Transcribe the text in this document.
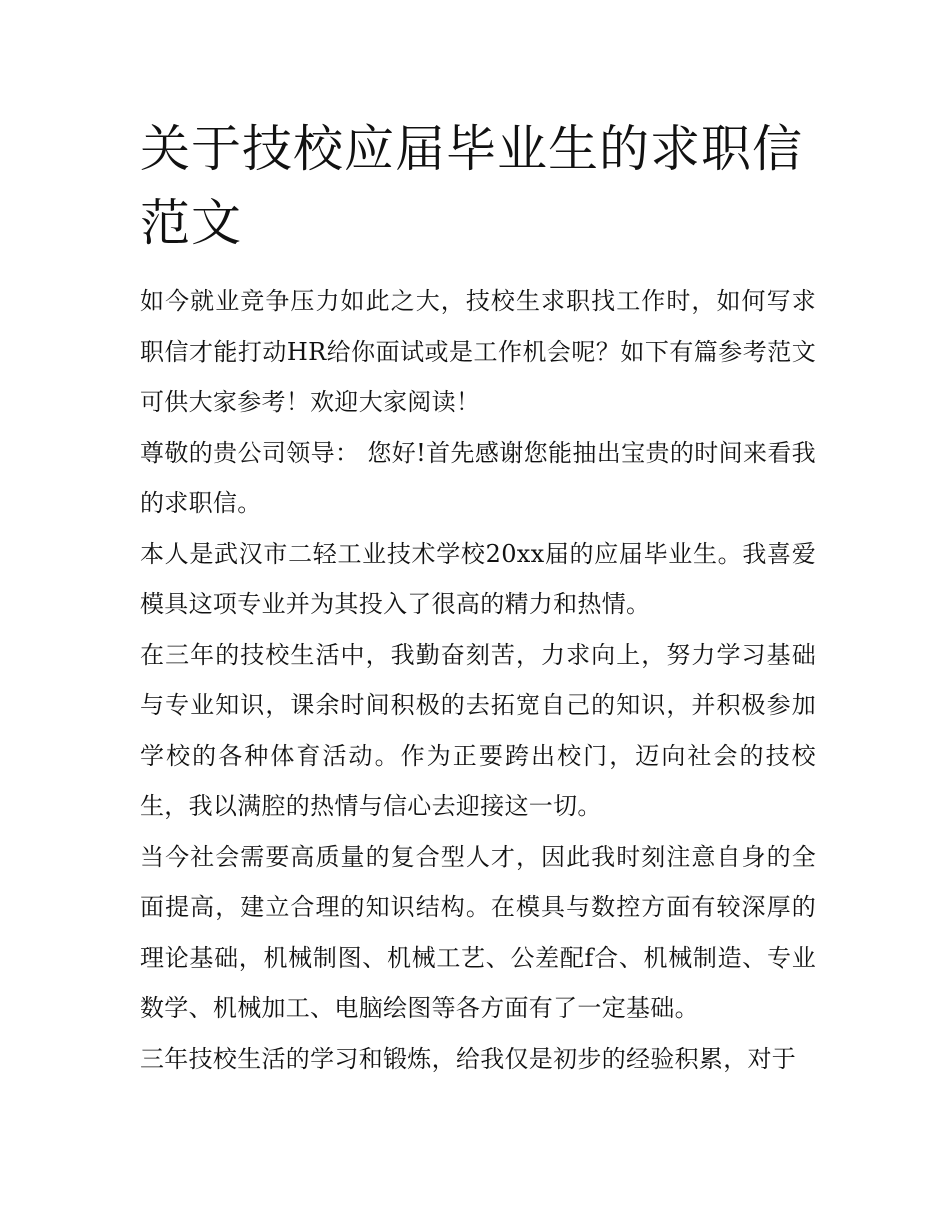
关于技校应届毕业生的求职信范文

如今就业竞争压力如此之大，技校生求职找工作时，如何写求职信才能打动HR给你面试或是工作机会呢？如下有篇参考范文可供大家参考！欢迎大家阅读！

尊敬的贵公司领导： 您好!首先感谢您能抽出宝贵的时间来看我的求职信。

本人是武汉市二轻工业技术学校20xx届的应届毕业生。我喜爱模具这项专业并为其投入了很高的精力和热情。

在三年的技校生活中，我勤奋刻苦，力求向上，努力学习基础与专业知识，课余时间积极的去拓宽自己的知识，并积极参加学校的各种体育活动。作为正要跨出校门，迈向社会的技校生，我以满腔的热情与信心去迎接这一切。

当今社会需要高质量的复合型人才，因此我时刻注意自身的全面提高，建立合理的知识结构。在模具与数控方面有较深厚的理论基础，机械制图、机械工艺、公差配f合、机械制造、专业数学、机械加工、电脑绘图等各方面有了一定基础。

三年技校生活的学习和锻炼，给我仅是初步的经验积累，对于
